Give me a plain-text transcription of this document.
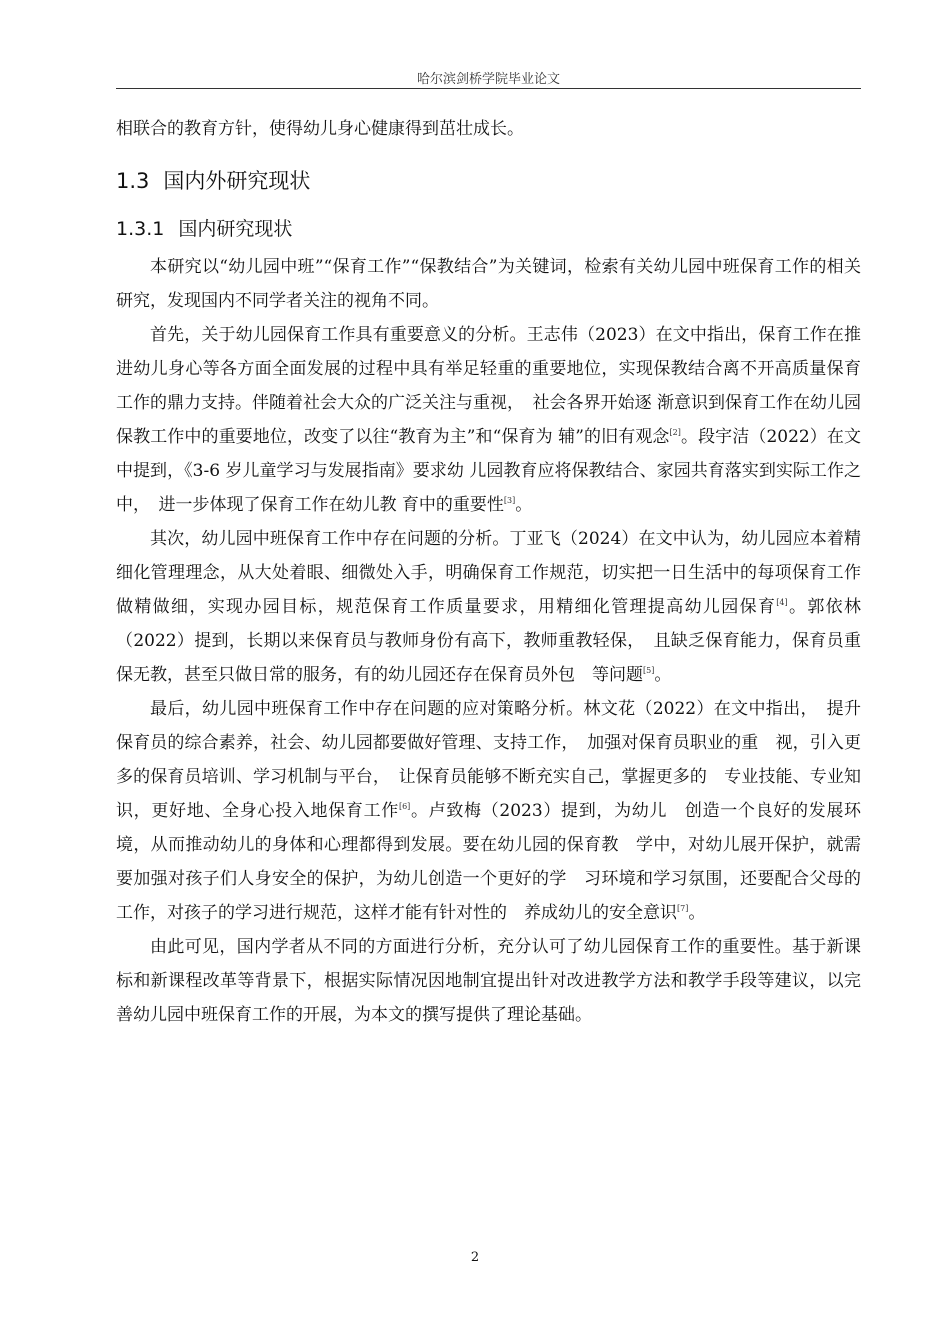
哈尔滨剑桥学院毕业论文

相联合的教育方针，使得幼儿身心健康得到茁壮成长。

1.3 国内外研究现状
1.3.1 国内研究现状

本研究以“幼儿园中班”“保育工作”“保教结合”为关键词，检索有关幼儿园中班保育工作的相关研究，发现国内不同学者关注的视角不同。

首先，关于幼儿园保育工作具有重要意义的分析。王志伟（2023）在文中指出，保育工作在推进幼儿身心等各方面全面发展的过程中具有举足轻重的重要地位，实现保教结合离不开高质量保育工作的鼎力支持。伴随着社会大众的广泛关注与重视，　社会各界开始逐 渐意识到保育工作在幼儿园保教工作中的重要地位，改变了以往“教育为主”和“保育为 辅”的旧有观念[2]。段宇洁（2022）在文中提到，《3-6 岁儿童学习与发展指南》要求幼 儿园教育应将保教结合、家园共育落实到实际工作之中，　进一步体现了保育工作在幼儿教 育中的重要性[3]。

其次，幼儿园中班保育工作中存在问题的分析。丁亚飞（2024）在文中认为，幼儿园应本着精细化管理理念，从大处着眼、细微处入手，明确保育工作规范，切实把一日生活中的每项保育工作做精做细，实现办园目标，规范保育工作质量要求，用精细化管理提高幼儿园保育[4]。郭依林（2022）提到，长期以来保育员与教师身份有高下，教师重教轻保，　且缺乏保育能力，保育员重保无教，甚至只做日常的服务，有的幼儿园还存在保育员外包　等问题[5]。

最后，幼儿园中班保育工作中存在问题的应对策略分析。林文花（2022）在文中指出，　提升保育员的综合素养，社会、幼儿园都要做好管理、支持工作，　加强对保育员职业的重　视，引入更多的保育员培训、学习机制与平台，　让保育员能够不断充实自己，掌握更多的　专业技能、专业知识，更好地、全身心投入地保育工作[6]。卢致梅（2023）提到，为幼儿　创造一个良好的发展环境，从而推动幼儿的身体和心理都得到发展。要在幼儿园的保育教　学中，对幼儿展开保护，就需要加强对孩子们人身安全的保护，为幼儿创造一个更好的学　习环境和学习氛围，还要配合父母的工作，对孩子的学习进行规范，这样才能有针对性的　养成幼儿的安全意识[7]。

由此可见，国内学者从不同的方面进行分析，充分认可了幼儿园保育工作的重要性。基于新课标和新课程改革等背景下，根据实际情况因地制宜提出针对改进教学方法和教学手段等建议，以完善幼儿园中班保育工作的开展，为本文的撰写提供了理论基础。

2
